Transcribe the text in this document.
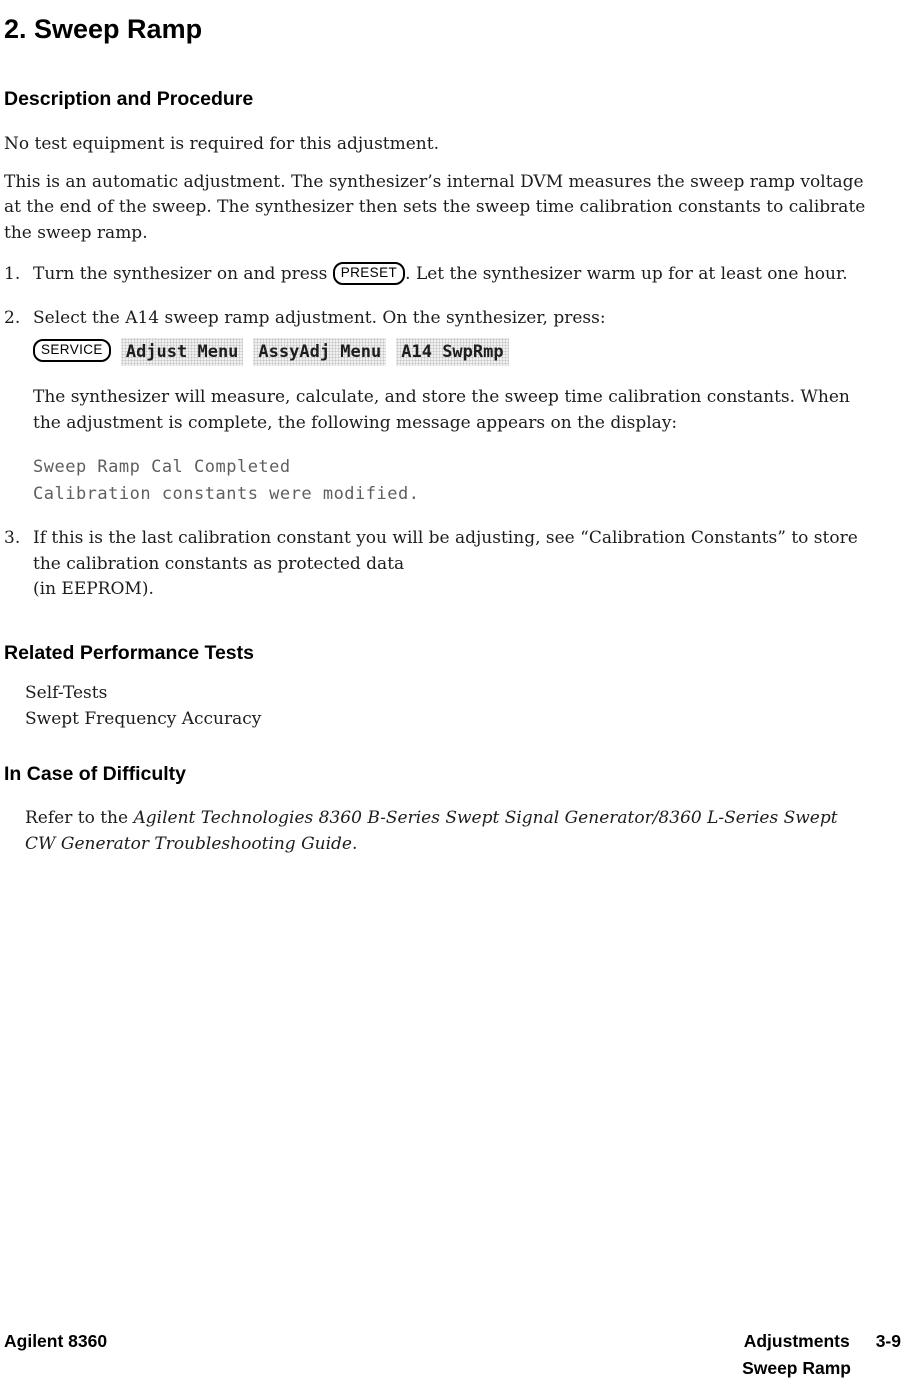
2. Sweep Ramp
Description and Procedure

No test equipment is required for this adjustment.

This is an automatic adjustment. The synthesizer’s internal DVM measures the sweep ramp voltage at the end of the sweep. The synthesizer then sets the sweep time calibration constants to calibrate the sweep ramp.

1. Turn the synthesizer on and press PRESET . Let the synthesizer warm up for at least one hour.
2. Select the A14 sweep ramp adjustment. On the synthesizer, press:
SERVICE	Adjust Menu AssyAdj Menu A14 SwpRmp

The synthesizer will measure, calculate, and store the sweep time calibration constants. When the adjustment is complete, the following message appears on the display:

Sweep Ramp Cal Completed
Calibration constants were modified.
3. If this is the last calibration constant you will be adjusting, see “Calibration Constants” to store the calibration constants as protected data
(in EEPROM).
Related Performance Tests
Self-Tests
Swept Frequency Accuracy
In Case of Difficulty

Refer to the Agilent Technologies 8360 B-Series Swept Signal Generator/8360 L-Series Swept CW Generator Troubleshooting Guide.

Agilent 8360	Adjustments 3-9
Sweep Ramp
